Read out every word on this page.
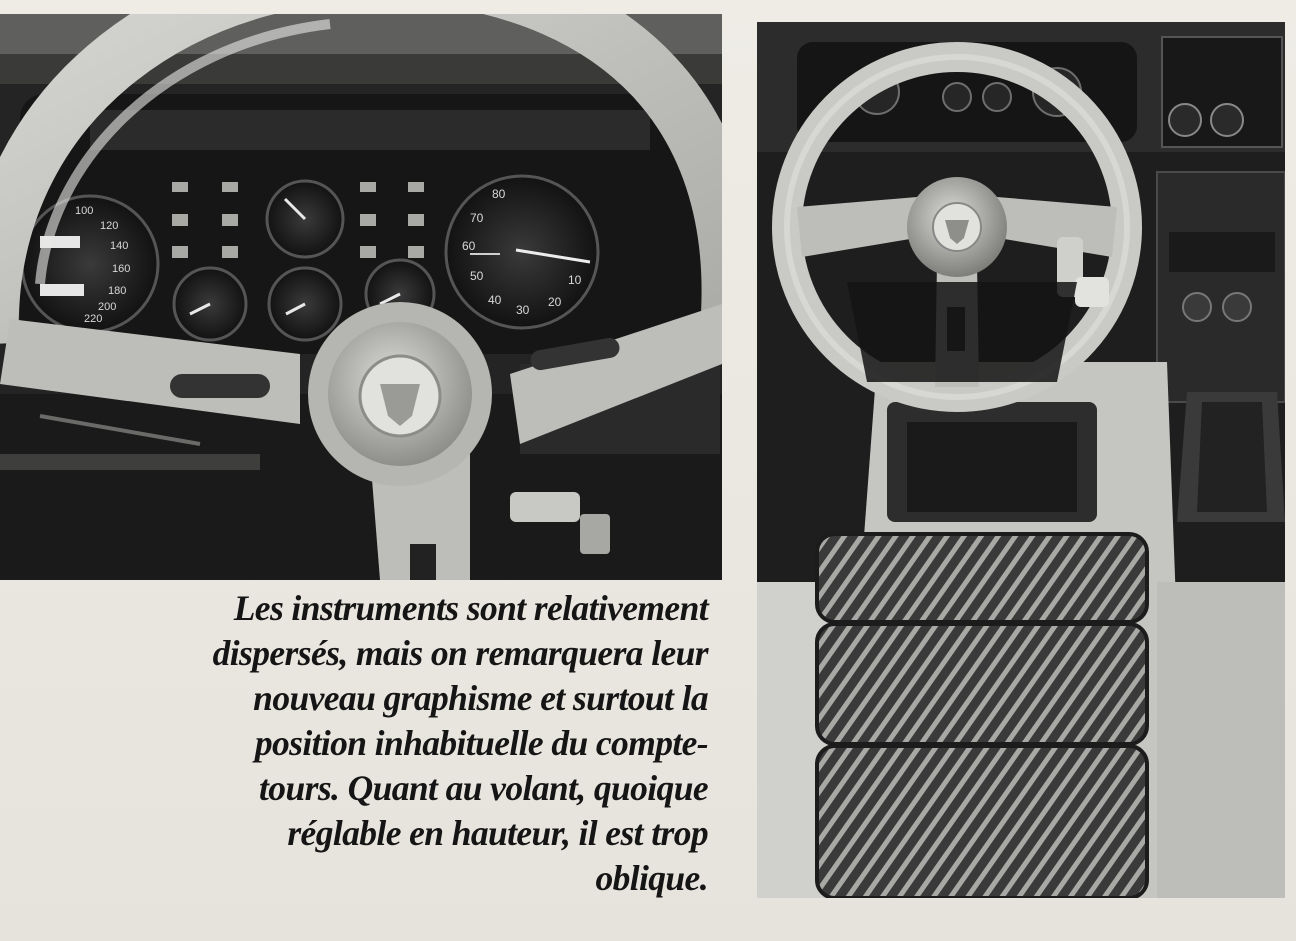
100
120
140
160
180
200
220
80
70
60
50
40
30
20
10

Les instruments sont relativement
dispersés, mais on remarquera leur
nouveau graphisme et surtout la
position inhabituelle du compte-
tours. Quant au volant, quoique
réglable en hauteur, il est trop
oblique.
